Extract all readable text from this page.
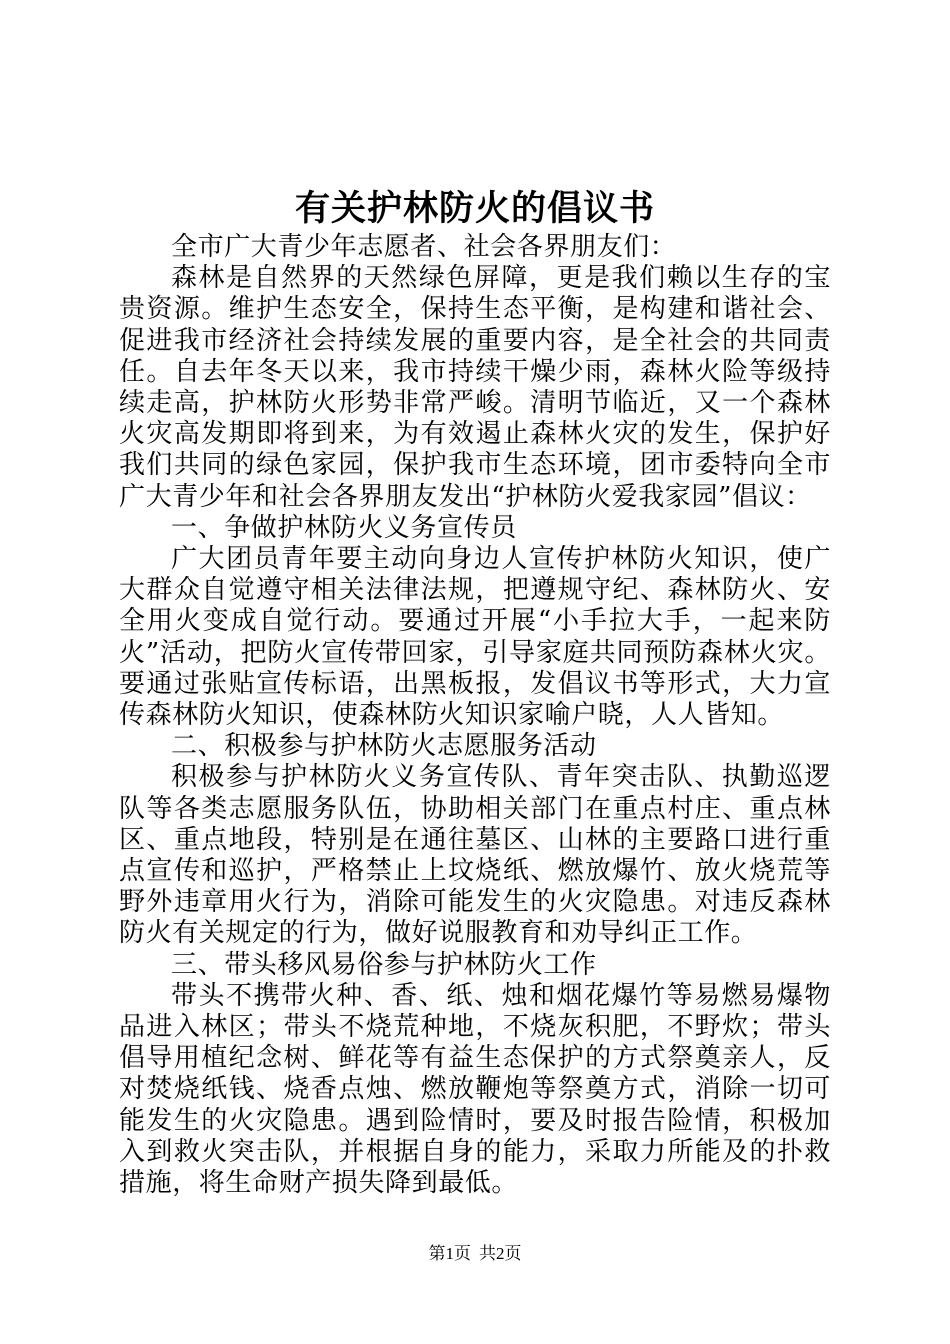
有关护林防火的倡议书

全市广大青少年志愿者、社会各界朋友们：

森林是自然界的天然绿色屏障，更是我们赖以生存的宝贵资源。维护生态安全，保持生态平衡，是构建和谐社会、促进我市经济社会持续发展的重要内容，是全社会的共同责任。自去年冬天以来，我市持续干燥少雨，森林火险等级持续走高，护林防火形势非常严峻。清明节临近，又一个森林火灾高发期即将到来，为有效遏止森林火灾的发生，保护好我们共同的绿色家园，保护我市生态环境，团市委特向全市广大青少年和社会各界朋友发出“护林防火爱我家园”倡议：

一、争做护林防火义务宣传员

广大团员青年要主动向身边人宣传护林防火知识，使广大群众自觉遵守相关法律法规，把遵规守纪、森林防火、安全用火变成自觉行动。要通过开展“小手拉大手，一起来防火”活动，把防火宣传带回家，引导家庭共同预防森林火灾。要通过张贴宣传标语，出黑板报，发倡议书等形式，大力宣传森林防火知识，使森林防火知识家喻户晓，人人皆知。

二、积极参与护林防火志愿服务活动

积极参与护林防火义务宣传队、青年突击队、执勤巡逻队等各类志愿服务队伍，协助相关部门在重点村庄、重点林区、重点地段，特别是在通往墓区、山林的主要路口进行重点宣传和巡护，严格禁止上坟烧纸、燃放爆竹、放火烧荒等野外违章用火行为，消除可能发生的火灾隐患。对违反森林防火有关规定的行为，做好说服教育和劝导纠正工作。

三、带头移风易俗参与护林防火工作

带头不携带火种、香、纸、烛和烟花爆竹等易燃易爆物品进入林区；带头不烧荒种地，不烧灰积肥，不野炊；带头倡导用植纪念树、鲜花等有益生态保护的方式祭奠亲人，反对焚烧纸钱、烧香点烛、燃放鞭炮等祭奠方式，消除一切可能发生的火灾隐患。遇到险情时，要及时报告险情，积极加入到救火突击队，并根据自身的能力，采取力所能及的扑救措施，将生命财产损失降到最低。

第1页 共2页
